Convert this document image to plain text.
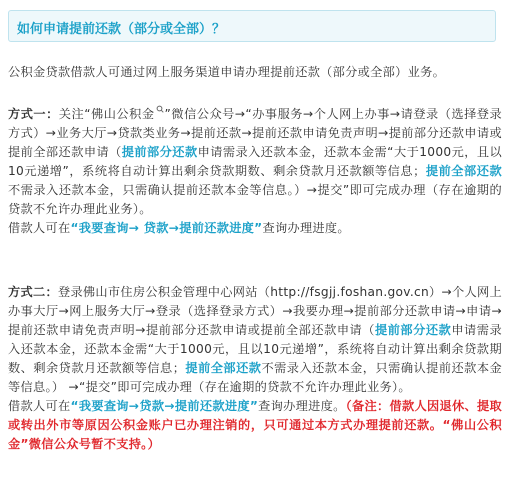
如何申请提前还款（部分或全部）？
公积金贷款借款人可通过网上服务渠道申请办理提前还款（部分或全部）业务。
方式一：关注“佛山公积金 ”微信公众号→“办事服务→个人网上办事→请登录（选择登录方式）→业务大厅→贷款类业务→提前还款→提前还款申请免责声明→提前部分还款申请或提前全部还款申请（提前部分还款申请需录入还款本金，还款本金需“大于1000元，且以10元递增”，系统将自动计算出剩余贷款期数、剩余贷款月还款额等信息；提前全部还款不需录入还款本金，只需确认提前还款本金等信息。）→提交”即可完成办理（存在逾期的贷款不允许办理此业务）。
借款人可在“我要查询→ 贷款→提前还款进度”查询办理进度。
方式二：登录佛山市住房公积金管理中心网站（http://fsgjj.foshan.gov.cn）→个人网上办事大厅→网上服务大厅→登录（选择登录方式）→我要办理→提前部分还款申请→申请→提前还款申请免责声明→提前部分还款申请或提前全部还款申请（提前部分还款申请需录入还款本金，还款本金需“大于1000元，且以10元递增”，系统将自动计算出剩余贷款期数、剩余贷款月还款额等信息；提前全部还款不需录入还款本金，只需确认提前还款本金等信息。） →“提交”即可完成办理（存在逾期的贷款不允许办理此业务）。
借款人可在“我要查询→贷款→提前还款进度”查询办理进度。（备注：借款人因退休、提取或转出外市等原因公积金账户已办理注销的，只可通过本方式办理提前还款。“佛山公积金”微信公众号暂不支持。）
